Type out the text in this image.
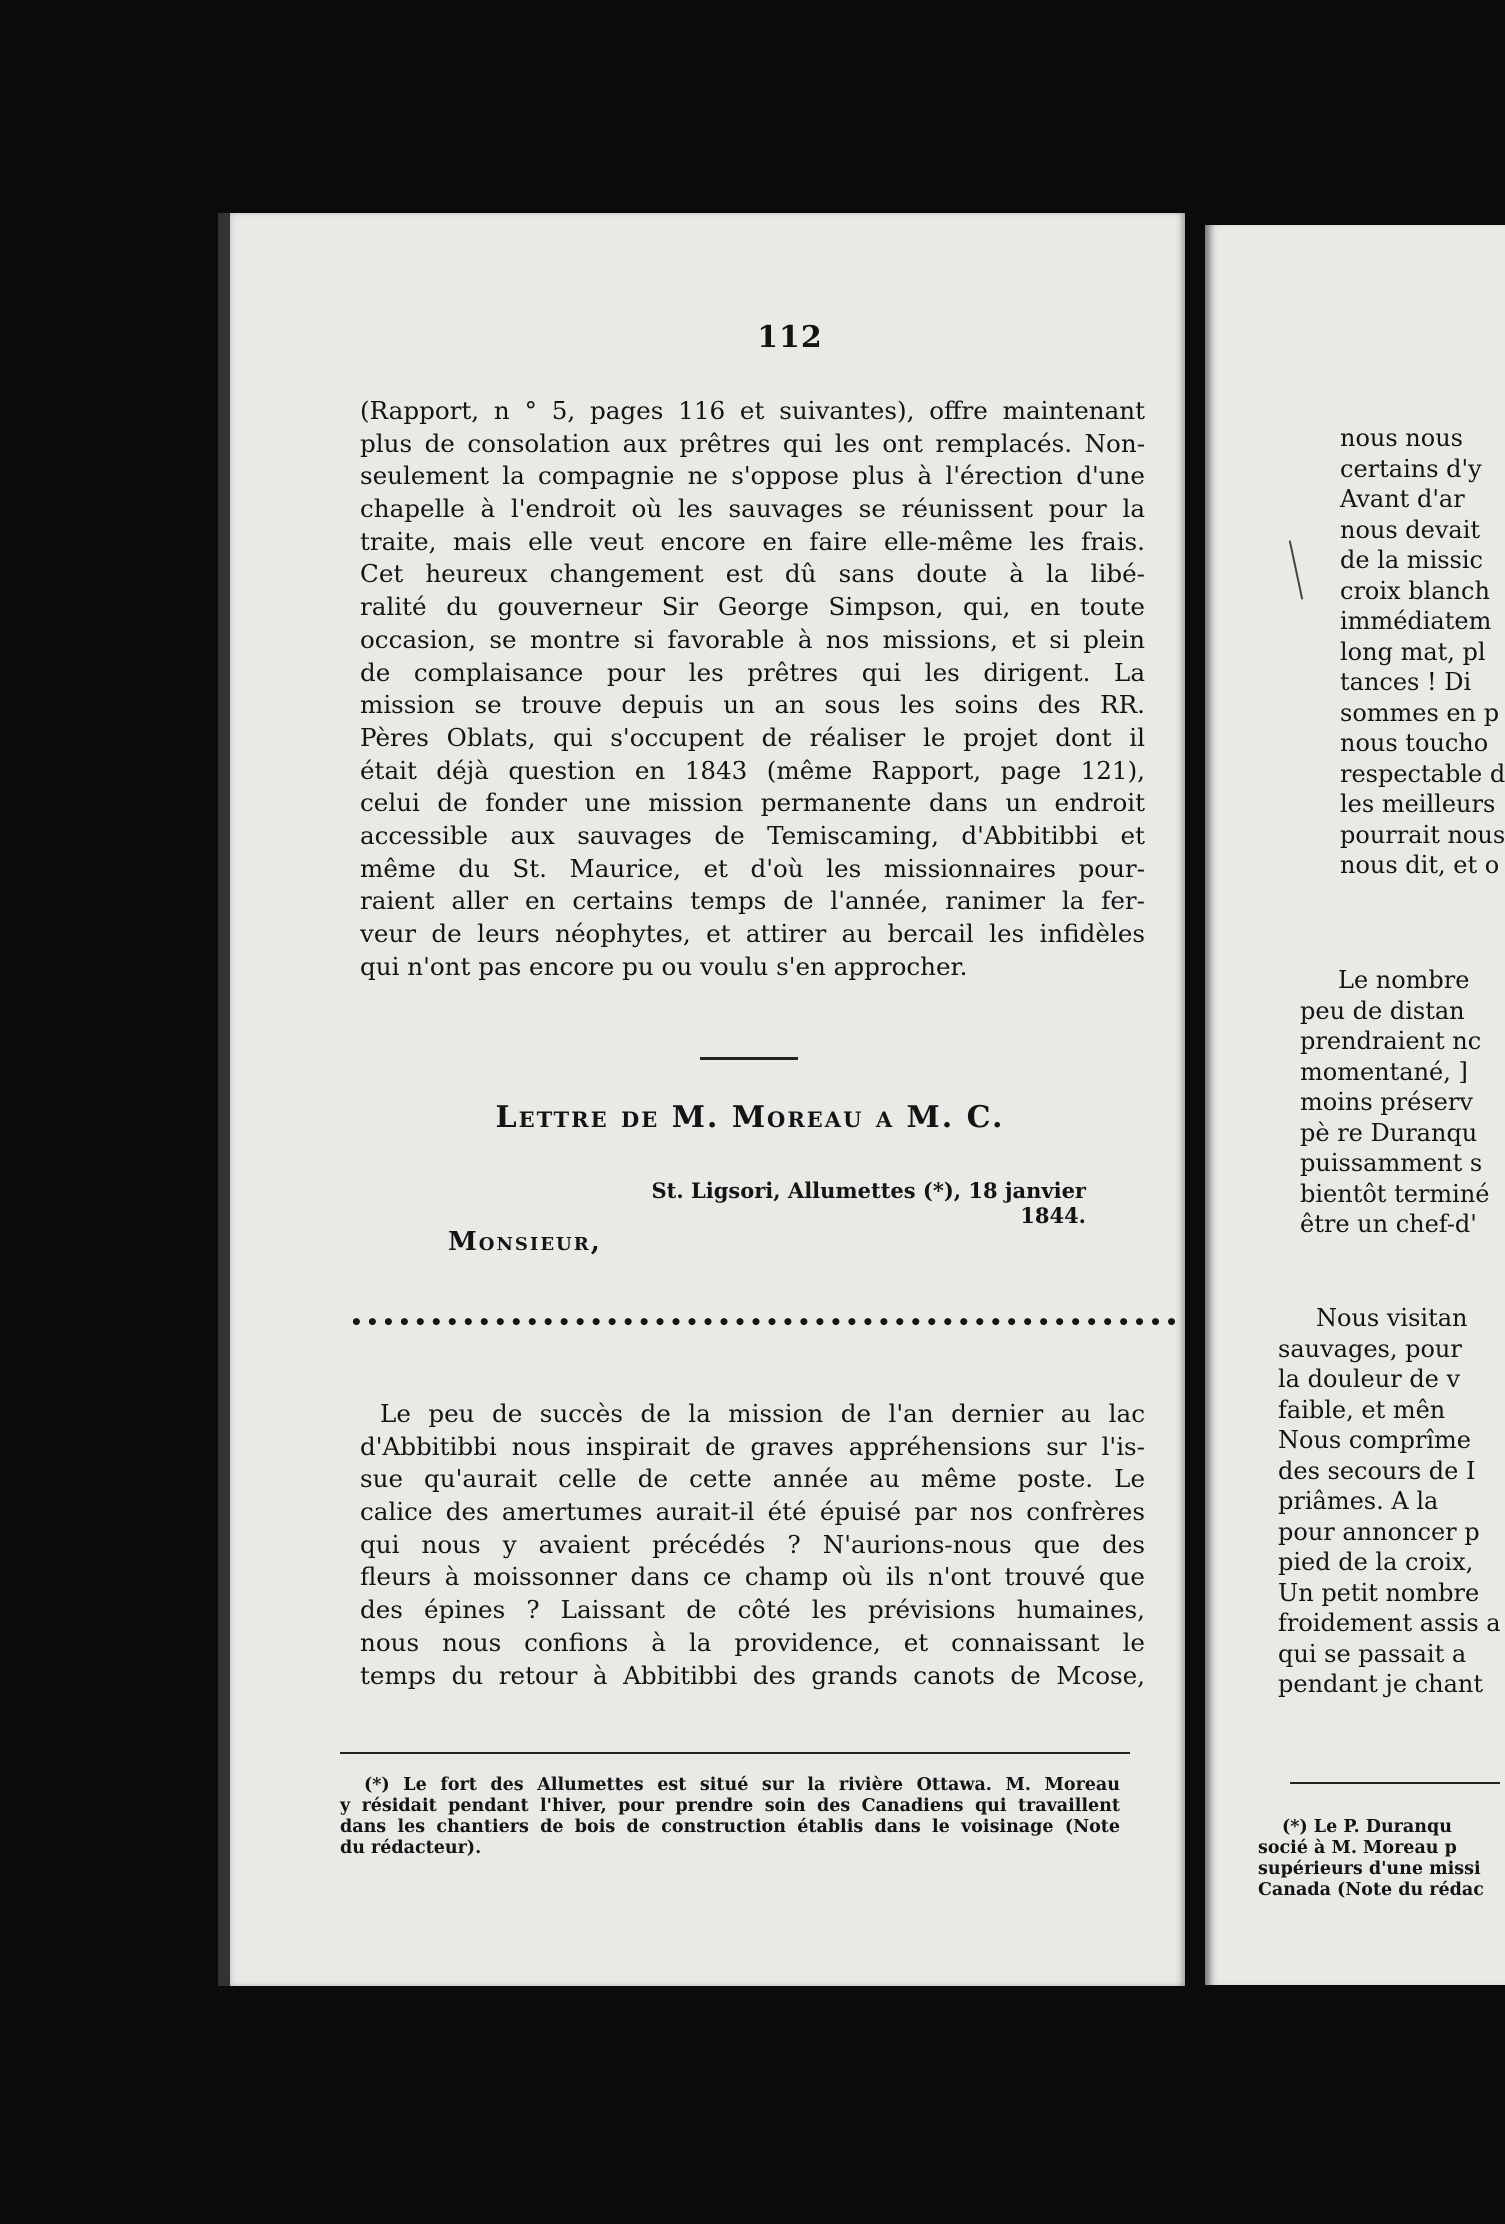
112
(Rapport, n ° 5, pages 116 et suivantes), offre maintenant
plus de consolation aux prêtres qui les ont remplacés. Non-
seulement la compagnie ne s'oppose plus à l'érection d'une
chapelle à l'endroit où les sauvages se réunissent pour la
traite, mais elle veut encore en faire elle-même les frais.
Cet heureux changement est dû sans doute à la libé-
ralité du gouverneur Sir George Simpson, qui, en toute
occasion, se montre si favorable à nos missions, et si plein
de complaisance pour les prêtres qui les dirigent. La
mission se trouve depuis un an sous les soins des RR.
Pères Oblats, qui s'occupent de réaliser le projet dont il
était déjà question en 1843 (même Rapport, page 121),
celui de fonder une mission permanente dans un endroit
accessible aux sauvages de Temiscaming, d'Abbitibbi et
même du St. Maurice, et d'où les missionnaires pour-
raient aller en certains temps de l'année, ranimer la fer-
veur de leurs néophytes, et attirer au bercail les infidèles
qui n'ont pas encore pu ou voulu s'en approcher.
Lettre de M. Moreau a M. C.
St. Ligsori, Allumettes (*), 18 janvier 1844.
Monsieur,
••••••••••••••••••••••••••••••••••••••••••••••••••••
Le peu de succès de la mission de l'an dernier au lac
d'Abbitibbi nous inspirait de graves appréhensions sur l'is-
sue qu'aurait celle de cette année au même poste. Le
calice des amertumes aurait-il été épuisé par nos confrères
qui nous y avaient précédés ? N'aurions-nous que des
fleurs à moissonner dans ce champ où ils n'ont trouvé que
des épines ? Laissant de côté les prévisions humaines,
nous nous confions à la providence, et connaissant le
temps du retour à Abbitibbi des grands canots de Mcose,
(*) Le fort des Allumettes est situé sur la rivière Ottawa. M. Moreau
y résidait pendant l'hiver, pour prendre soin des Canadiens qui travaillent
dans les chantiers de bois de construction établis dans le voisinage (Note
du rédacteur).
nous nous
certains d'y
Avant d'ar
nous devait
de la missic
croix blanch
immédiatem
long mat, pl
tances ! Di
sommes en p
nous toucho
respectable d
les meilleurs
pourrait nous
nous dit, et o
Le nombre
peu de distan
prendraient nc
momentané, ]
moins préserv
pè re Duranqu
puissamment s
bientôt terminé
être un chef-d'
Nous visitan
sauvages, pour
la douleur de v
faible, et mên
Nous comprîme
des secours de I
priâmes. A la
pour annoncer p
pied de la croix,
Un petit nombre
froidement assis a
qui se passait a
pendant je chant
(*) Le P. Duranqu
socié à M. Moreau p
supérieurs d'une missi
Canada (Note du rédac
